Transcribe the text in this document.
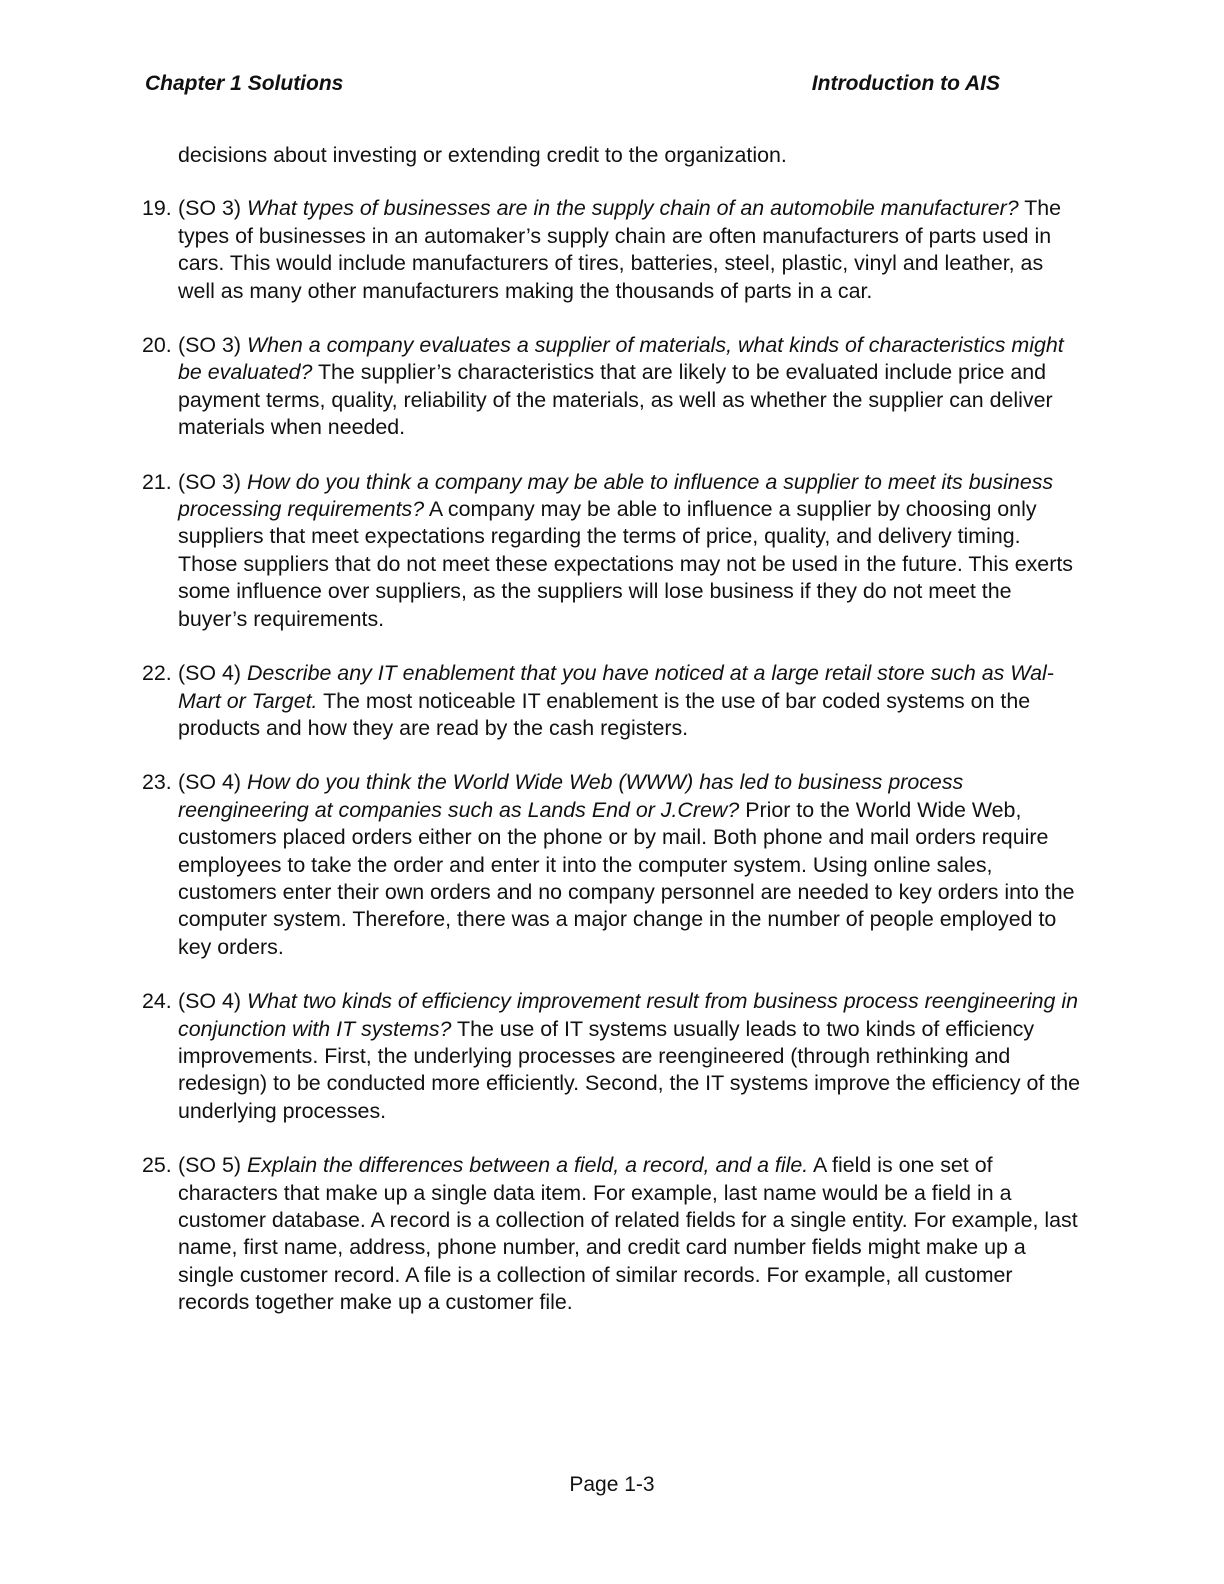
Chapter 1 Solutions	Introduction to AIS

decisions about investing or extending credit to the organization.

19. (SO 3) What types of businesses are in the supply chain of an automobile manufacturer? The types of businesses in an automaker’s supply chain are often manufacturers of parts used in cars. This would include manufacturers of tires, batteries, steel, plastic, vinyl and leather, as well as many other manufacturers making the thousands of parts in a car.
20. (SO 3) When a company evaluates a supplier of materials, what kinds of characteristics might be evaluated? The supplier’s characteristics that are likely to be evaluated include price and payment terms, quality, reliability of the materials, as well as whether the supplier can deliver materials when needed.
21. (SO 3) How do you think a company may be able to influence a supplier to meet its business processing requirements? A company may be able to influence a supplier by choosing only suppliers that meet expectations regarding the terms of price, quality, and delivery timing. Those suppliers that do not meet these expectations may not be used in the future. This exerts some influence over suppliers, as the suppliers will lose business if they do not meet the buyer’s requirements.
22. (SO 4) Describe any IT enablement that you have noticed at a large retail store such as Wal-Mart or Target. The most noticeable IT enablement is the use of bar coded systems on the products and how they are read by the cash registers.
23. (SO 4) How do you think the World Wide Web (WWW) has led to business process reengineering at companies such as Lands End or J.Crew? Prior to the World Wide Web, customers placed orders either on the phone or by mail. Both phone and mail orders require employees to take the order and enter it into the computer system. Using online sales, customers enter their own orders and no company personnel are needed to key orders into the computer system. Therefore, there was a major change in the number of people employed to key orders.
24. (SO 4) What two kinds of efficiency improvement result from business process reengineering in conjunction with IT systems? The use of IT systems usually leads to two kinds of efficiency improvements. First, the underlying processes are reengineered (through rethinking and redesign) to be conducted more efficiently. Second, the IT systems improve the efficiency of the underlying processes.
25. (SO 5) Explain the differences between a field, a record, and a file. A field is one set of characters that make up a single data item. For example, last name would be a field in a customer database. A record is a collection of related fields for a single entity. For example, last name, first name, address, phone number, and credit card number fields might make up a single customer record. A file is a collection of similar records. For example, all customer records together make up a customer file.
Page 1-3
